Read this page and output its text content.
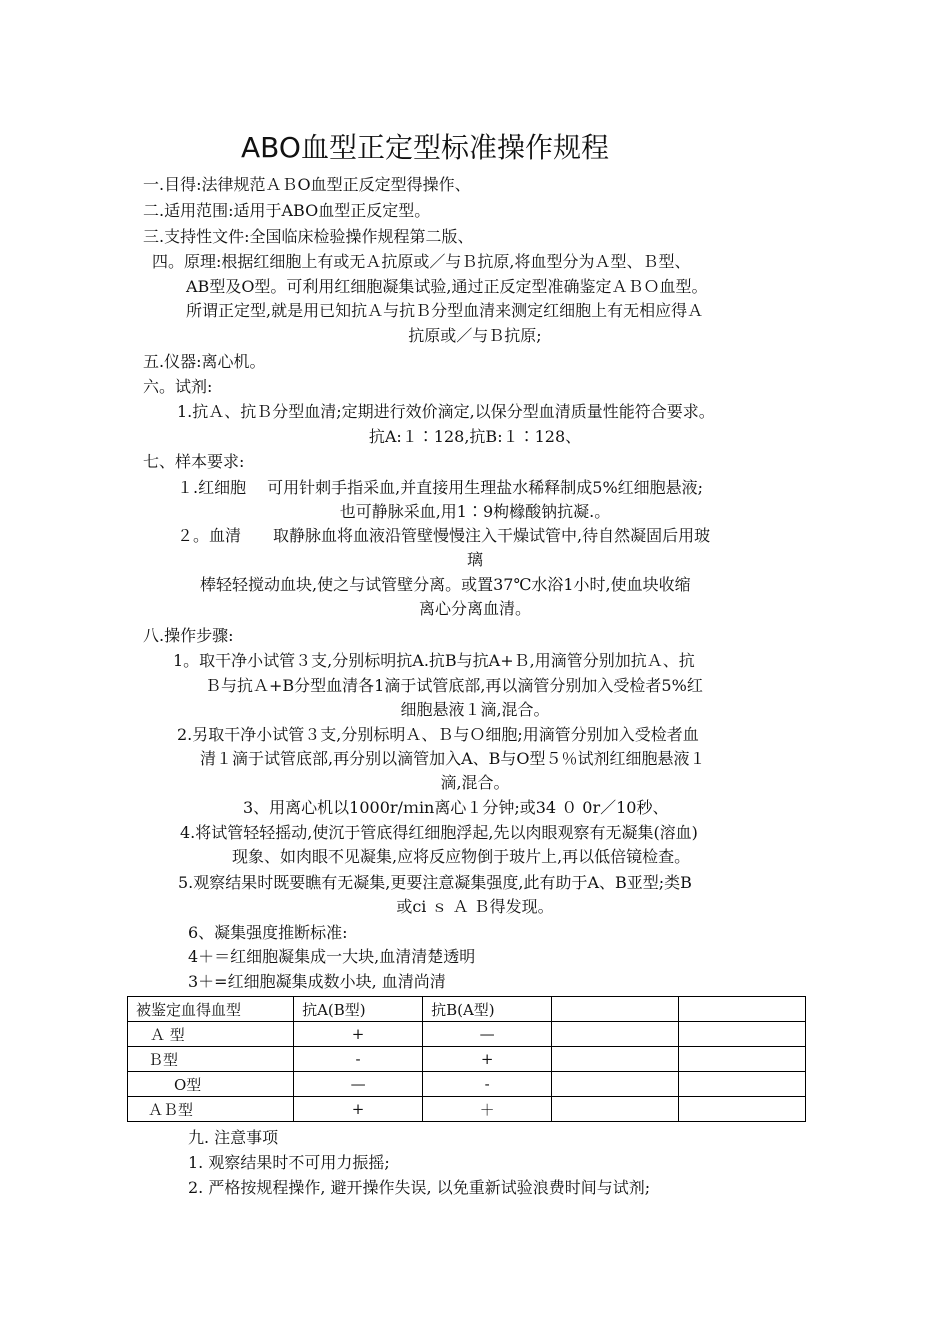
ABO血型正定型标准操作规程
一.目得:法律规范ＡＢO血型正反定型得操作、
二.适用范围:适用于ABO血型正反定型。
三.支持性文件:全国临床检验操作规程第二版、
四。原理:根据红细胞上有或无Ａ抗原或／与Ｂ抗原,将血型分为Ａ型、Ｂ型、
AB型及O型。可利用红细胞凝集试验,通过正反定型准确鉴定ＡＢＯ血型。
所谓正定型,就是用已知抗Ａ与抗Ｂ分型血清来测定红细胞上有无相应得Ａ
抗原或／与Ｂ抗原;
五.仪器:离心机。
六。试剂:
1.抗Ａ、抗Ｂ分型血清;定期进行效价滴定,以保分型血清质量性能符合要求。
抗A:１∶128,抗B:１∶128、
七、样本要求:
１.红细胞　 可用针刺手指采血,并直接用生理盐水稀释制成5%红细胞悬液;
也可静脉采血,用1∶9枸橼酸钠抗凝.。
２。血清　　取静脉血将血液沿管壁慢慢注入干燥试管中,待自然凝固后用玻
璃
棒轻轻搅动血块,使之与试管壁分离。或置37℃水浴1小时,使血块收缩
离心分离血清。
八.操作步骤:
1。取干净小试管３支,分别标明抗A.抗B与抗A+Ｂ,用滴管分别加抗Ａ、抗
Ｂ与抗Ａ+B分型血清各1滴于试管底部,再以滴管分别加入受检者5%红
细胞悬液１滴,混合。
2.另取干净小试管３支,分别标明Ａ、Ｂ与Ｏ细胞;用滴管分别加入受检者血
清１滴于试管底部,再分别以滴管加入A、B与O型５％试剂红细胞悬液１
滴,混合。
3、用离心机以1000r/ｍin离心１分钟;或34 ０ 0r／10秒、
4.将试管轻轻摇动,使沉于管底得红细胞浮起,先以肉眼观察有无凝集(溶血)
现象、如肉眼不见凝集,应将反应物倒于玻片上,再以低倍镜检查。
5.观察结果时既要瞧有无凝集,更要注意凝集强度,此有助于A、B亚型;类B
或ci ｓ Ａ Ｂ得发现。
6、凝集强度推断标准:
4＋＝红细胞凝集成一大块,血清清楚透明
3＋=红细胞凝集成数小块, 血清尚清
被鉴定血得血型	抗A(B型)	抗B(A型)		
Ａ 型	+	—		
Ｂ型	-	+		
O型	—	-		
ＡＢ型	+	＋		
九. 注意事项
1. 观察结果时不可用力振摇;
2. 严格按规程操作, 避开操作失误, 以免重新试验浪费时间与试剂;
